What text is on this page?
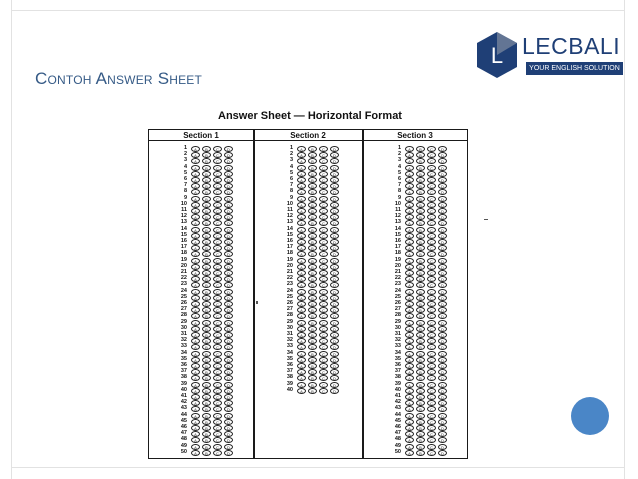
Contoh Answer Sheet
L LECBALI
YOUR ENGLISH SOLUTION
Answer Sheet — Horizontal Format
Section 1	Section 2	Section 3
1	A	B	C	D
2	A	B	C	D
3	A	B	C	D
4	A	B	C	D
5	A	B	C	D
6	A	B	C	D
7	A	B	C	D
8	A	B	C	D
9	A	B	C	D
10	A	B	C	D
11	A	B	C	D
12	A	B	C	D
13	A	B	C	D
14	A	B	C	D
15	A	B	C	D
16	A	B	C	D
17	A	B	C	D
18	A	B	C	D
19	A	B	C	D
20	A	B	C	D
21	A	B	C	D
22	A	B	C	D
23	A	B	C	D
24	A	B	C	D
25	A	B	C	D
26	A	B	C	D
27	A	B	C	D
28	A	B	C	D
29	A	B	C	D
30	A	B	C	D
31	A	B	C	D
32	A	B	C	D
33	A	B	C	D
34	A	B	C	D
35	A	B	C	D
36	A	B	C	D
37	A	B	C	D
38	A	B	C	D
39	A	B	C	D
40	A	B	C	D
41	A	B	C	D
42	A	B	C	D
43	A	B	C	D
44	A	B	C	D
45	A	B	C	D
46	A	B	C	D
47	A	B	C	D
48	A	B	C	D
49	A	B	C	D
50	A	B	C	D
1	A	B	C	D
2	A	B	C	D
3	A	B	C	D
4	A	B	C	D
5	A	B	C	D
6	A	B	C	D
7	A	B	C	D
8	A	B	C	D
9	A	B	C	D
10	A	B	C	D
11	A	B	C	D
12	A	B	C	D
13	A	B	C	D
14	A	B	C	D
15	A	B	C	D
16	A	B	C	D
17	A	B	C	D
18	A	B	C	D
19	A	B	C	D
20	A	B	C	D
21	A	B	C	D
22	A	B	C	D
23	A	B	C	D
24	A	B	C	D
25	A	B	C	D
26	A	B	C	D
27	A	B	C	D
28	A	B	C	D
29	A	B	C	D
30	A	B	C	D
31	A	B	C	D
32	A	B	C	D
33	A	B	C	D
34	A	B	C	D
35	A	B	C	D
36	A	B	C	D
37	A	B	C	D
38	A	B	C	D
39	A	B	C	D
40	A	B	C	D
1	A	B	C	D
2	A	B	C	D
3	A	B	C	D
4	A	B	C	D
5	A	B	C	D
6	A	B	C	D
7	A	B	C	D
8	A	B	C	D
9	A	B	C	D
10	A	B	C	D
11	A	B	C	D
12	A	B	C	D
13	A	B	C	D
14	A	B	C	D
15	A	B	C	D
16	A	B	C	D
17	A	B	C	D
18	A	B	C	D
19	A	B	C	D
20	A	B	C	D
21	A	B	C	D
22	A	B	C	D
23	A	B	C	D
24	A	B	C	D
25	A	B	C	D
26	A	B	C	D
27	A	B	C	D
28	A	B	C	D
29	A	B	C	D
30	A	B	C	D
31	A	B	C	D
32	A	B	C	D
33	A	B	C	D
34	A	B	C	D
35	A	B	C	D
36	A	B	C	D
37	A	B	C	D
38	A	B	C	D
39	A	B	C	D
40	A	B	C	D
41	A	B	C	D
42	A	B	C	D
43	A	B	C	D
44	A	B	C	D
45	A	B	C	D
46	A	B	C	D
47	A	B	C	D
48	A	B	C	D
49	A	B	C	D
50	A	B	C	D
